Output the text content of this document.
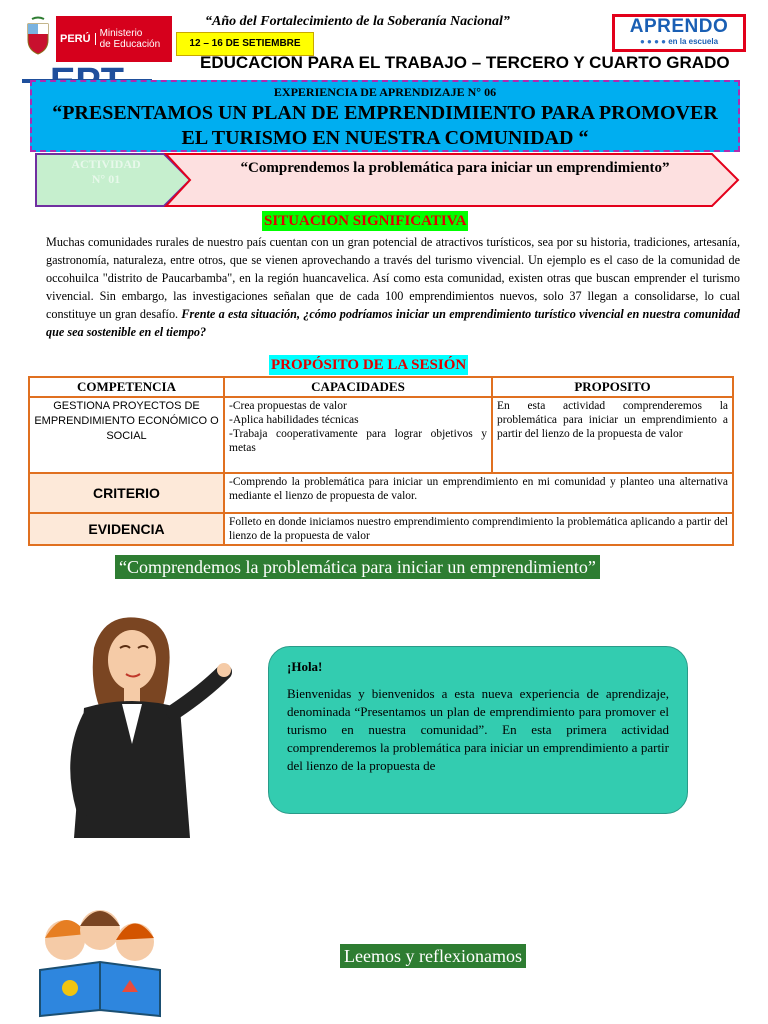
PERÚ Ministerio
de Educación
“Año del Fortalecimiento de la Soberanía Nacional”
12 – 16 DE SETIEMBRE
APRENDO
● ● ● ● en la escuela
EDUCACION PARA EL TRABAJO – TERCERO Y CUARTO GRADO
EXPERIENCIA DE APRENDIZAJE N° 06
“PRESENTAMOS UN PLAN DE EMPRENDIMIENTO PARA PROMOVER EL TURISMO EN NUESTRA COMUNIDAD “
ACTIVIDAD
N° 01
“Comprendemos la problemática para iniciar un emprendimiento”
SITUACION SIGNIFICATIVA
Muchas comunidades rurales de nuestro país cuentan con un gran potencial de atractivos turísticos, sea por su historia, tradiciones, artesanía, gastronomía, naturaleza, entre otros, que se vienen aprovechando a través del turismo vivencial. Un ejemplo es el caso de la comunidad de occohuilca "distrito de Paucarbamba", en la región huancavelica. Así como esta comunidad, existen otras que buscan emprender el turismo vivencial. Sin embargo, las investigaciones señalan que de cada 100 emprendimientos nuevos, solo 37 llegan a consolidarse, lo cual constituye un gran desafío. Frente a esta situación, ¿cómo podríamos iniciar un emprendimiento turístico vivencial en nuestra comunidad que sea sostenible en el tiempo?
PROPÓSITO DE LA SESIÓN
COMPETENCIA	CAPACIDADES	PROPOSITO
GESTIONA PROYECTOS DE EMPRENDIMIENTO ECONÓMICO O SOCIAL	-Crea propuestas de valor
-Aplica habilidades técnicas
-Trabaja cooperativamente para lograr objetivos y metas	En esta actividad comprenderemos la problemática para iniciar un emprendimiento a partir del lienzo de la propuesta de valor
CRITERIO	-Comprendo la problemática para iniciar un emprendimiento en mi comunidad y planteo una alternativa mediante el lienzo de propuesta de valor.	
EVIDENCIA	Folleto en donde iniciamos nuestro emprendimiento comprendimiento la problemática aplicando a partir del lienzo de la propuesta de valor	
“Comprendemos la problemática para iniciar un emprendimiento”
¡Hola!
Bienvenidas y bienvenidos a esta nueva experiencia de aprendizaje, denominada “Presentamos un plan de emprendimiento para promover el turismo en nuestra comunidad”. En esta primera actividad comprenderemos la problemática para iniciar un emprendimiento a partir del lienzo de la propuesta de
Leemos y reflexionamos
